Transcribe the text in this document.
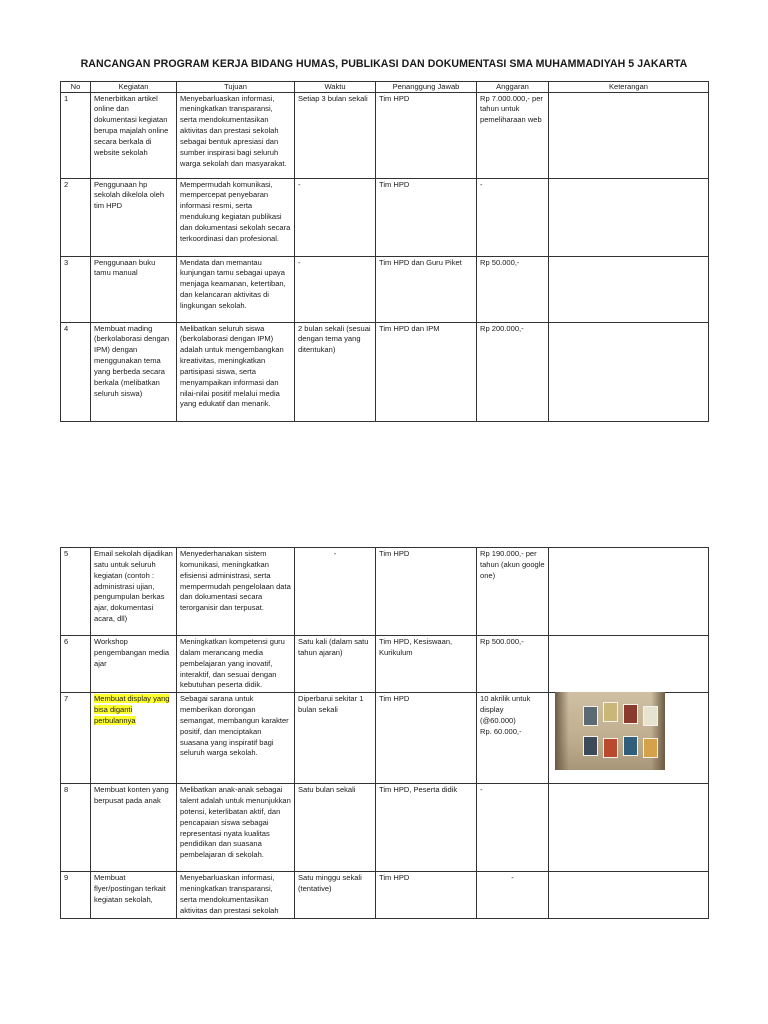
RANCANGAN PROGRAM KERJA BIDANG HUMAS, PUBLIKASI DAN DOKUMENTASI SMA MUHAMMADIYAH 5 JAKARTA
No	Kegiatan	Tujuan	Waktu	Penanggung Jawab	Anggaran	Keterangan
1	Menerbitkan artikel online dan dokumentasi kegiatan berupa majalah online secara berkala di website sekolah	Menyebarluaskan informasi, meningkatkan transparansi, serta mendokumentasikan aktivitas dan prestasi sekolah sebagai bentuk apresiasi dan sumber inspirasi bagi seluruh warga sekolah dan masyarakat.	Setiap 3 bulan sekali	Tim HPD	Rp 7.000.000,- per tahun untuk pemeliharaan web	
2	Penggunaan hp sekolah dikelola oleh tim HPD	Mempermudah komunikasi, mempercepat penyebaran informasi resmi, serta mendukung kegiatan publikasi dan dokumentasi sekolah secara terkoordinasi dan profesional.	-	Tim HPD	-	
3	Penggunaan buku tamu manual	Mendata dan memantau kunjungan tamu sebagai upaya menjaga keamanan, ketertiban, dan kelancaran aktivitas di lingkungan sekolah.	-	Tim HPD dan Guru Piket	Rp 50.000,-	
4	Membuat mading (berkolaborasi dengan IPM) dengan menggunakan tema yang berbeda secara berkala (melibatkan seluruh siswa)	Melibatkan seluruh siswa (berkolaborasi dengan IPM) adalah untuk mengembangkan kreativitas, meningkatkan partisipasi siswa, serta menyampaikan informasi dan nilai-nilai positif melalui media yang edukatif dan menarik.	2 bulan sekali (sesuai dengan tema yang ditentukan)	Tim HPD dan IPM	Rp 200.000,-	
5	Email sekolah dijadikan satu untuk seluruh kegiatan (contoh : administrasi ujian, pengumpulan berkas ajar, dokumentasi acara, dll)	Menyederhanakan sistem komunikasi, meningkatkan efisiensi administrasi, serta mempermudah pengelolaan data dan dokumentasi secara terorganisir dan terpusat.	-	Tim HPD	Rp 190.000,- per tahun (akun google one)	
6	Workshop pengembangan media ajar	Meningkatkan kompetensi guru dalam merancang media pembelajaran yang inovatif, interaktif, dan sesuai dengan kebutuhan peserta didik.	Satu kali (dalam satu tahun ajaran)	Tim HPD, Kesiswaan, Kurikulum	Rp 500.000,-	
7	Membuat display yang bisa diganti perbulannya	Sebagai sarana untuk memberikan dorongan semangat, membangun karakter positif, dan menciptakan suasana yang inspiratif bagi seluruh warga sekolah.	Diperbarui sekitar 1 bulan sekali	Tim HPD	10 akrilik untuk display
(@60.000)
Rp. 60.000,-	

8	Membuat konten yang berpusat pada anak	Melibatkan anak-anak sebagai talent adalah untuk menunjukkan potensi, keterlibatan aktif, dan pencapaian siswa sebagai representasi nyata kualitas pendidikan dan suasana pembelajaran di sekolah.	Satu bulan sekali	Tim HPD, Peserta didik	-	
9	Membuat flyer/postingan terkait kegiatan sekolah,	Menyebarluaskan informasi, meningkatkan transparansi, serta mendokumentasikan aktivitas dan prestasi sekolah	Satu minggu sekali (tentative)	Tim HPD	-	
